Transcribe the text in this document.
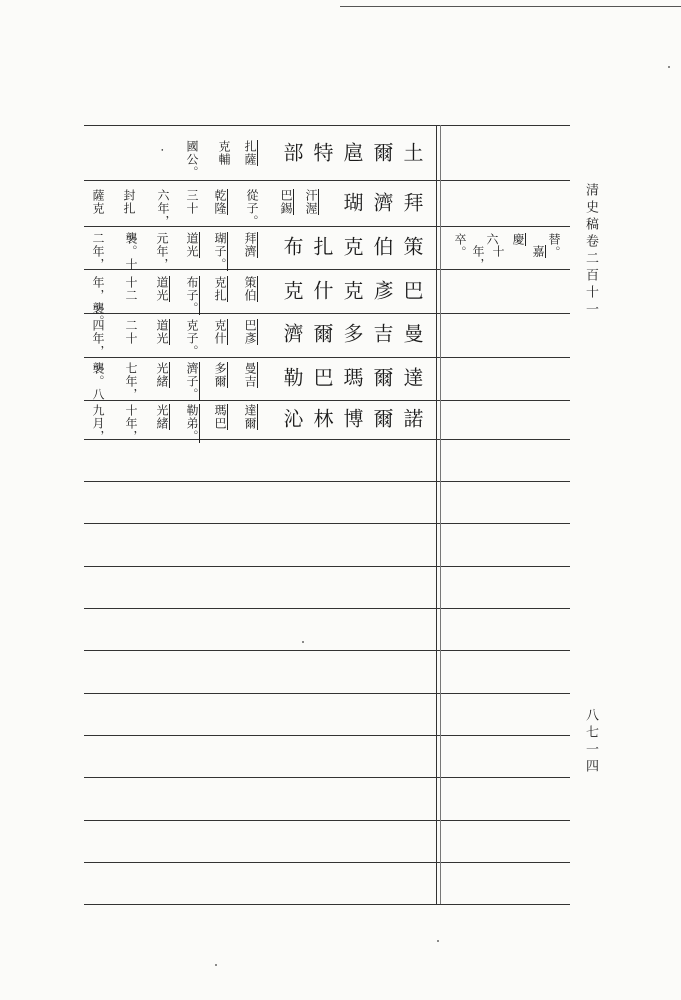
清史稿卷二百十一
八七一四
土
爾
扈
特
部
扎薩
克輔
國公。
·
拜
濟
瑚
汗渥
巴錫
從子。
乾隆
三十
六年，
封扎
薩克
策
伯
克
扎
布
拜濟
瑚子。
道光
元年，
襲。十
二年，
巴
彥
克
什
克
策伯
克扎
布子。
道光
十二
年，襲。
曼
吉
多
爾
濟
巴彥
克什
克子。
道光
二十
四年，
達
爾
瑪
巴
勒
曼吉
多爾
濟子。
光緒
七年，
襲。八
諾
爾
博
林
沁
達爾
瑪巴
勒弟。
光緒
十年，
九月，
替。
嘉
慶
十
六
年，
卒。
